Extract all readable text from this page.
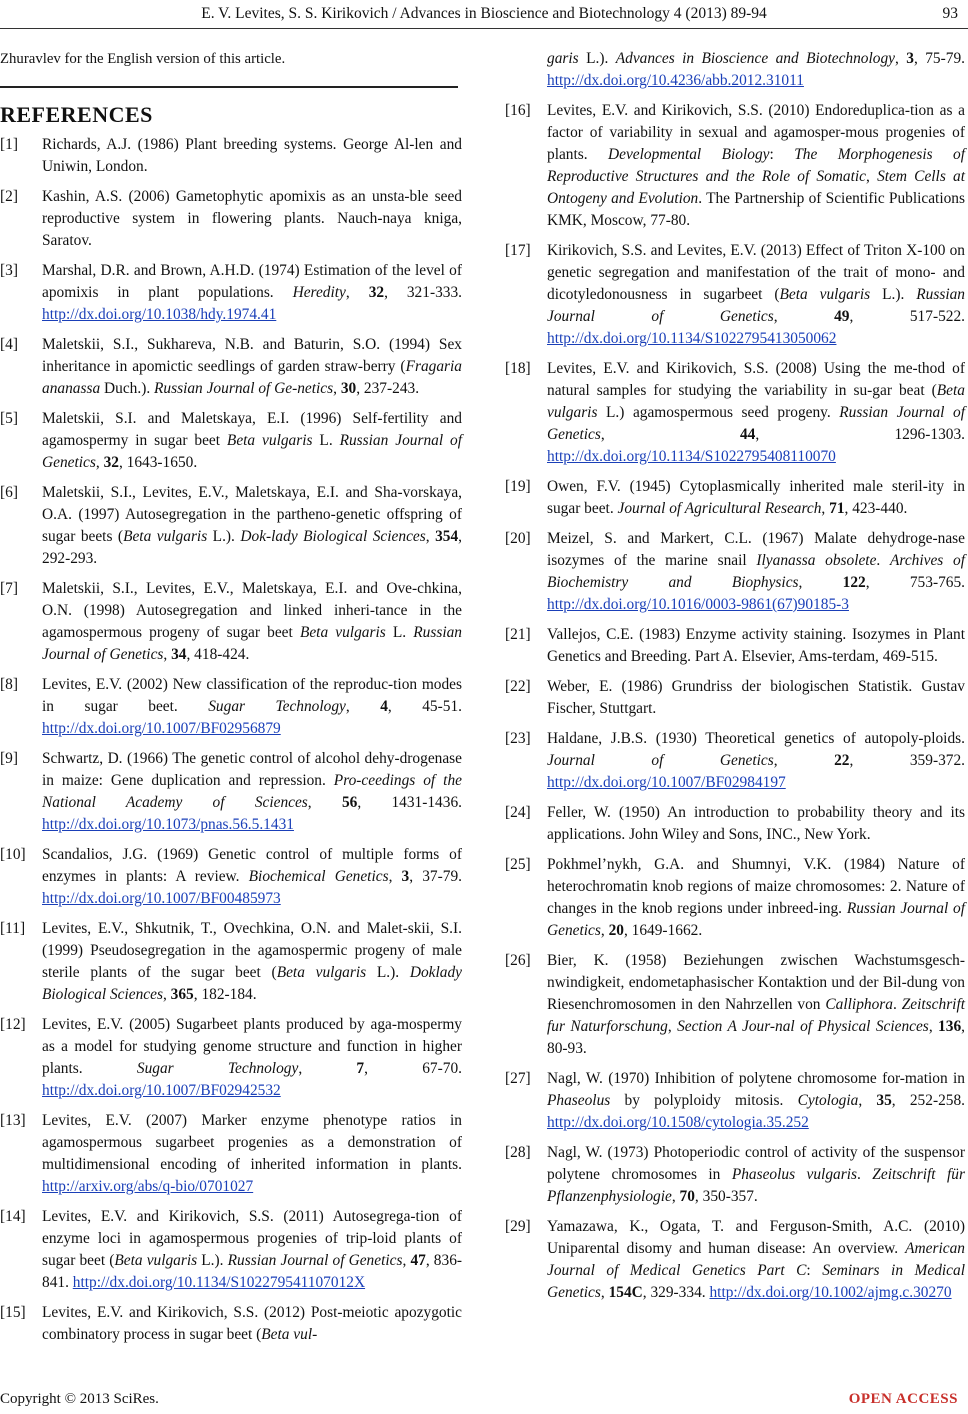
E. V. Levites, S. S. Kirikovich / Advances in Bioscience and Biotechnology 4 (2013) 89-94	93

Zhuravlev for the English version of this article.

REFERENCES
[1]	Richards, A.J. (1986) Plant breeding systems. George Al-len and Uniwin, London.
[2]	Kashin, A.S. (2006) Gametophytic apomixis as an unsta-ble seed reproductive system in flowering plants. Nauch-naya kniga, Saratov.
[3]	Marshal, D.R. and Brown, A.H.D. (1974) Estimation of the level of apomixis in plant populations. Heredity, 32, 321-333. http://dx.doi.org/10.1038/hdy.1974.41
[4]	Maletskii, S.I., Sukhareva, N.B. and Baturin, S.O. (1994) Sex inheritance in apomictic seedlings of garden straw-berry (Fragaria ananassa Duch.). Russian Journal of Ge-netics, 30, 237-243.
[5]	Maletskii, S.I. and Maletskaya, E.I. (1996) Self-fertility and agamospermy in sugar beet Beta vulgaris L. Russian Journal of Genetics, 32, 1643-1650.
[6]	Maletskii, S.I., Levites, E.V., Maletskaya, E.I. and Sha-vorskaya, O.A. (1997) Autosegregation in the partheno-genetic offspring of sugar beets (Beta vulgaris L.). Dok-lady Biological Sciences, 354, 292-293.
[7]	Maletskii, S.I., Levites, E.V., Maletskaya, E.I. and Ove-chkina, O.N. (1998) Autosegregation and linked inheri-tance in the agamospermous progeny of sugar beet Beta vulgaris L. Russian Journal of Genetics, 34, 418-424.
[8]	Levites, E.V. (2002) New classification of the reproduc-tion modes in sugar beet. Sugar Technology, 4, 45-51. http://dx.doi.org/10.1007/BF02956879
[9]	Schwartz, D. (1966) The genetic control of alcohol dehy-drogenase in maize: Gene duplication and repression. Pro-ceedings of the National Academy of Sciences, 56, 1431-1436. http://dx.doi.org/10.1073/pnas.56.5.1431
[10]	Scandalios, J.G. (1969) Genetic control of multiple forms of enzymes in plants: A review. Biochemical Genetics, 3, 37-79. http://dx.doi.org/10.1007/BF00485973
[11]	Levites, E.V., Shkutnik, T., Ovechkina, O.N. and Malet-skii, S.I. (1999) Pseudosegregation in the agamospermic progeny of male sterile plants of the sugar beet (Beta vulgaris L.). Doklady Biological Sciences, 365, 182-184.
[12]	Levites, E.V. (2005) Sugarbeet plants produced by aga-mospermy as a model for studying genome structure and function in higher plants. Sugar Technology, 7, 67-70. http://dx.doi.org/10.1007/BF02942532
[13]	Levites, E.V. (2007) Marker enzyme phenotype ratios in agamospermous sugarbeet progenies as a demonstration of multidimensional encoding of inherited information in plants. http://arxiv.org/abs/q-bio/0701027
[14]	Levites, E.V. and Kirikovich, S.S. (2011) Autosegrega-tion of enzyme loci in agamospermous progenies of trip-loid plants of sugar beet (Beta vulgaris L.). Russian Journal of Genetics, 47, 836-841. http://dx.doi.org/10.1134/S102279541107012X
[15]	Levites, E.V. and Kirikovich, S.S. (2012) Post-meiotic apozygotic combinatory process in sugar beet (Beta vul-
garis L.). Advances in Bioscience and Biotechnology, 3, 75-79. http://dx.doi.org/10.4236/abb.2012.31011
[16]	Levites, E.V. and Kirikovich, S.S. (2010) Endoreduplica-tion as a factor of variability in sexual and agamosper-mous progenies of plants. Developmental Biology: The Morphogenesis of Reproductive Structures and the Role of Somatic, Stem Cells at Ontogeny and Evolution. The Partnership of Scientific Publications KMK, Moscow, 77-80.
[17]	Kirikovich, S.S. and Levites, E.V. (2013) Effect of Triton X-100 on genetic segregation and manifestation of the trait of mono- and dicotyledonousness in sugarbeet (Beta vulgaris L.). Russian Journal of Genetics, 49, 517-522. http://dx.doi.org/10.1134/S1022795413050062
[18]	Levites, E.V. and Kirikovich, S.S. (2008) Using the me-thod of natural samples for studying the variability in su-gar beat (Beta vulgaris L.) agamospermous seed progeny. Russian Journal of Genetics, 44, 1296-1303. http://dx.doi.org/10.1134/S1022795408110070
[19]	Owen, F.V. (1945) Cytoplasmically inherited male steril-ity in sugar beet. Journal of Agricultural Research, 71, 423-440.
[20]	Meizel, S. and Markert, C.L. (1967) Malate dehydroge-nase isozymes of the marine snail Ilyanassa obsolete. Archives of Biochemistry and Biophysics, 122, 753-765. http://dx.doi.org/10.1016/0003-9861(67)90185-3
[21]	Vallejos, C.E. (1983) Enzyme activity staining. Isozymes in Plant Genetics and Breeding. Part A. Elsevier, Ams-terdam, 469-515.
[22]	Weber, E. (1986) Grundriss der biologischen Statistik. Gustav Fischer, Stuttgart.
[23]	Haldane, J.B.S. (1930) Theoretical genetics of autopoly-ploids. Journal of Genetics, 22, 359-372. http://dx.doi.org/10.1007/BF02984197
[24]	Feller, W. (1950) An introduction to probability theory and its applications. John Wiley and Sons, INC., New York.
[25]	Pokhmel’nykh, G.A. and Shumnyi, V.K. (1984) Nature of heterochromatin knob regions of maize chromosomes: 2. Nature of changes in the knob regions under inbreed-ing. Russian Journal of Genetics, 20, 1649-1662.
[26]	Bier, K. (1958) Beziehungen zwischen Wachstumsgesch-nwindigkeit, endometaphasischer Kontaktion und der Bil-dung von Riesenchromosomen in den Nahrzellen von Calliphora. Zeitschrift fur Naturforschung, Section A Jour-nal of Physical Sciences, 136, 80-93.
[27]	Nagl, W. (1970) Inhibition of polytene chromosome for-mation in Phaseolus by polyploidy mitosis. Cytologia, 35, 252-258. http://dx.doi.org/10.1508/cytologia.35.252
[28]	Nagl, W. (1973) Photoperiodic control of activity of the suspensor polytene chromosomes in Phaseolus vulgaris. Zeitschrift für Pflanzenphysiologie, 70, 350-357.
[29]	Yamazawa, K., Ogata, T. and Ferguson-Smith, A.C. (2010) Uniparental disomy and human disease: An overview. American Journal of Medical Genetics Part C: Seminars in Medical Genetics, 154C, 329-334. http://dx.doi.org/10.1002/ajmg.c.30270
Copyright © 2013 SciRes.	OPEN ACCESS
